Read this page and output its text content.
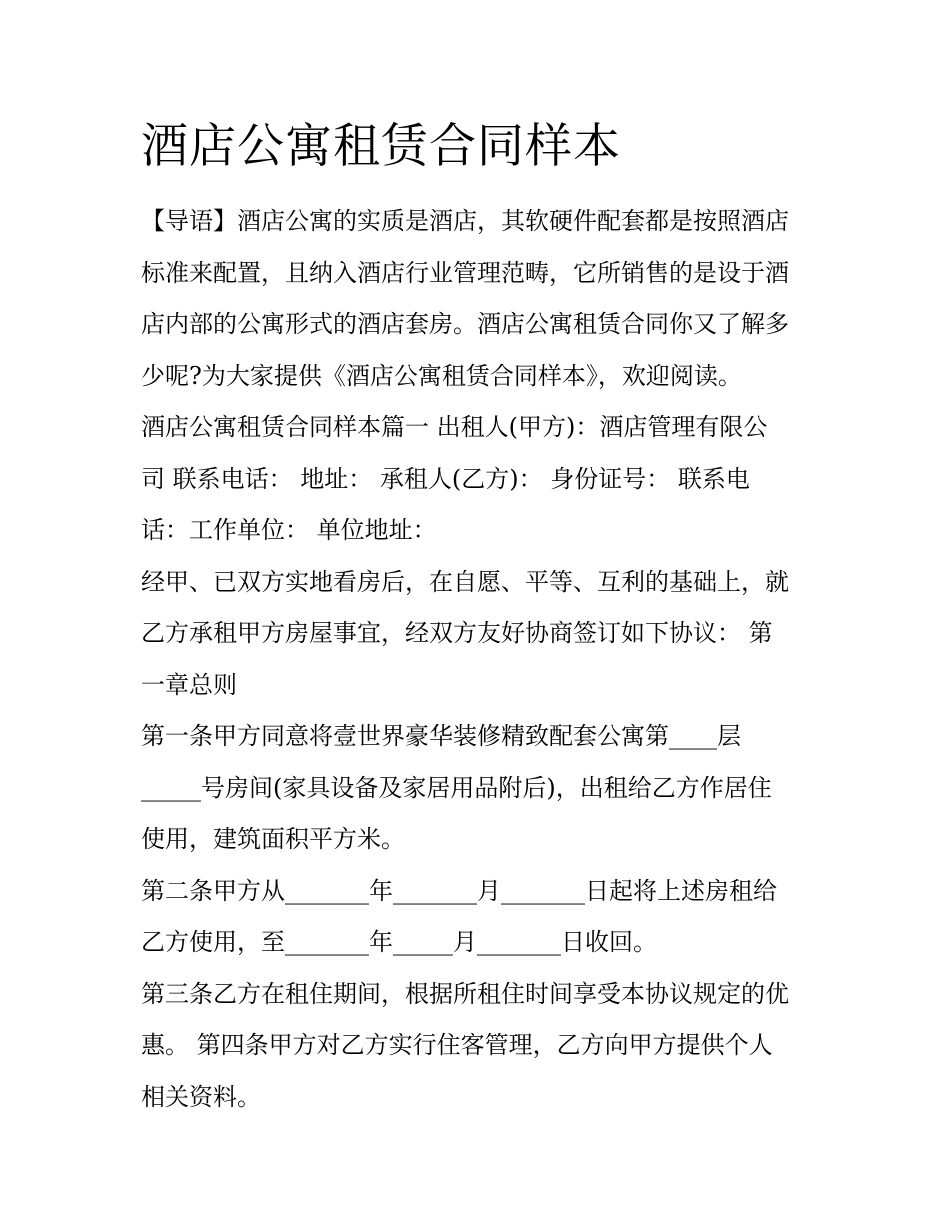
酒店公寓租赁合同样本
【导语】酒店公寓的实质是酒店，其软硬件配套都是按照酒店
标准来配置，且纳入酒店行业管理范畴，它所销售的是设于酒
店内部的公寓形式的酒店套房。酒店公寓租赁合同你又了解多
少呢?为大家提供《酒店公寓租赁合同样本》，欢迎阅读。
酒店公寓租赁合同样本篇一 出租人(甲方)：酒店管理有限公
司 联系电话： 地址： 承租人(乙方)： 身份证号： 联系电
话：工作单位： 单位地址：
经甲、已双方实地看房后，在自愿、平等、互利的基础上，就
乙方承租甲方房屋事宜，经双方友好协商签订如下协议： 第
一章总则
第一条甲方同意将壹世界豪华装修精致配套公寓第____层
_____号房间(家具设备及家居用品附后)，出租给乙方作居住
使用，建筑面积平方米。
第二条甲方从_______年_______月_______日起将上述房租给
乙方使用，至_______年_____月_______日收回。
第三条乙方在租住期间，根据所租住时间享受本协议规定的优
惠。 第四条甲方对乙方实行住客管理，乙方向甲方提供个人
相关资料。
